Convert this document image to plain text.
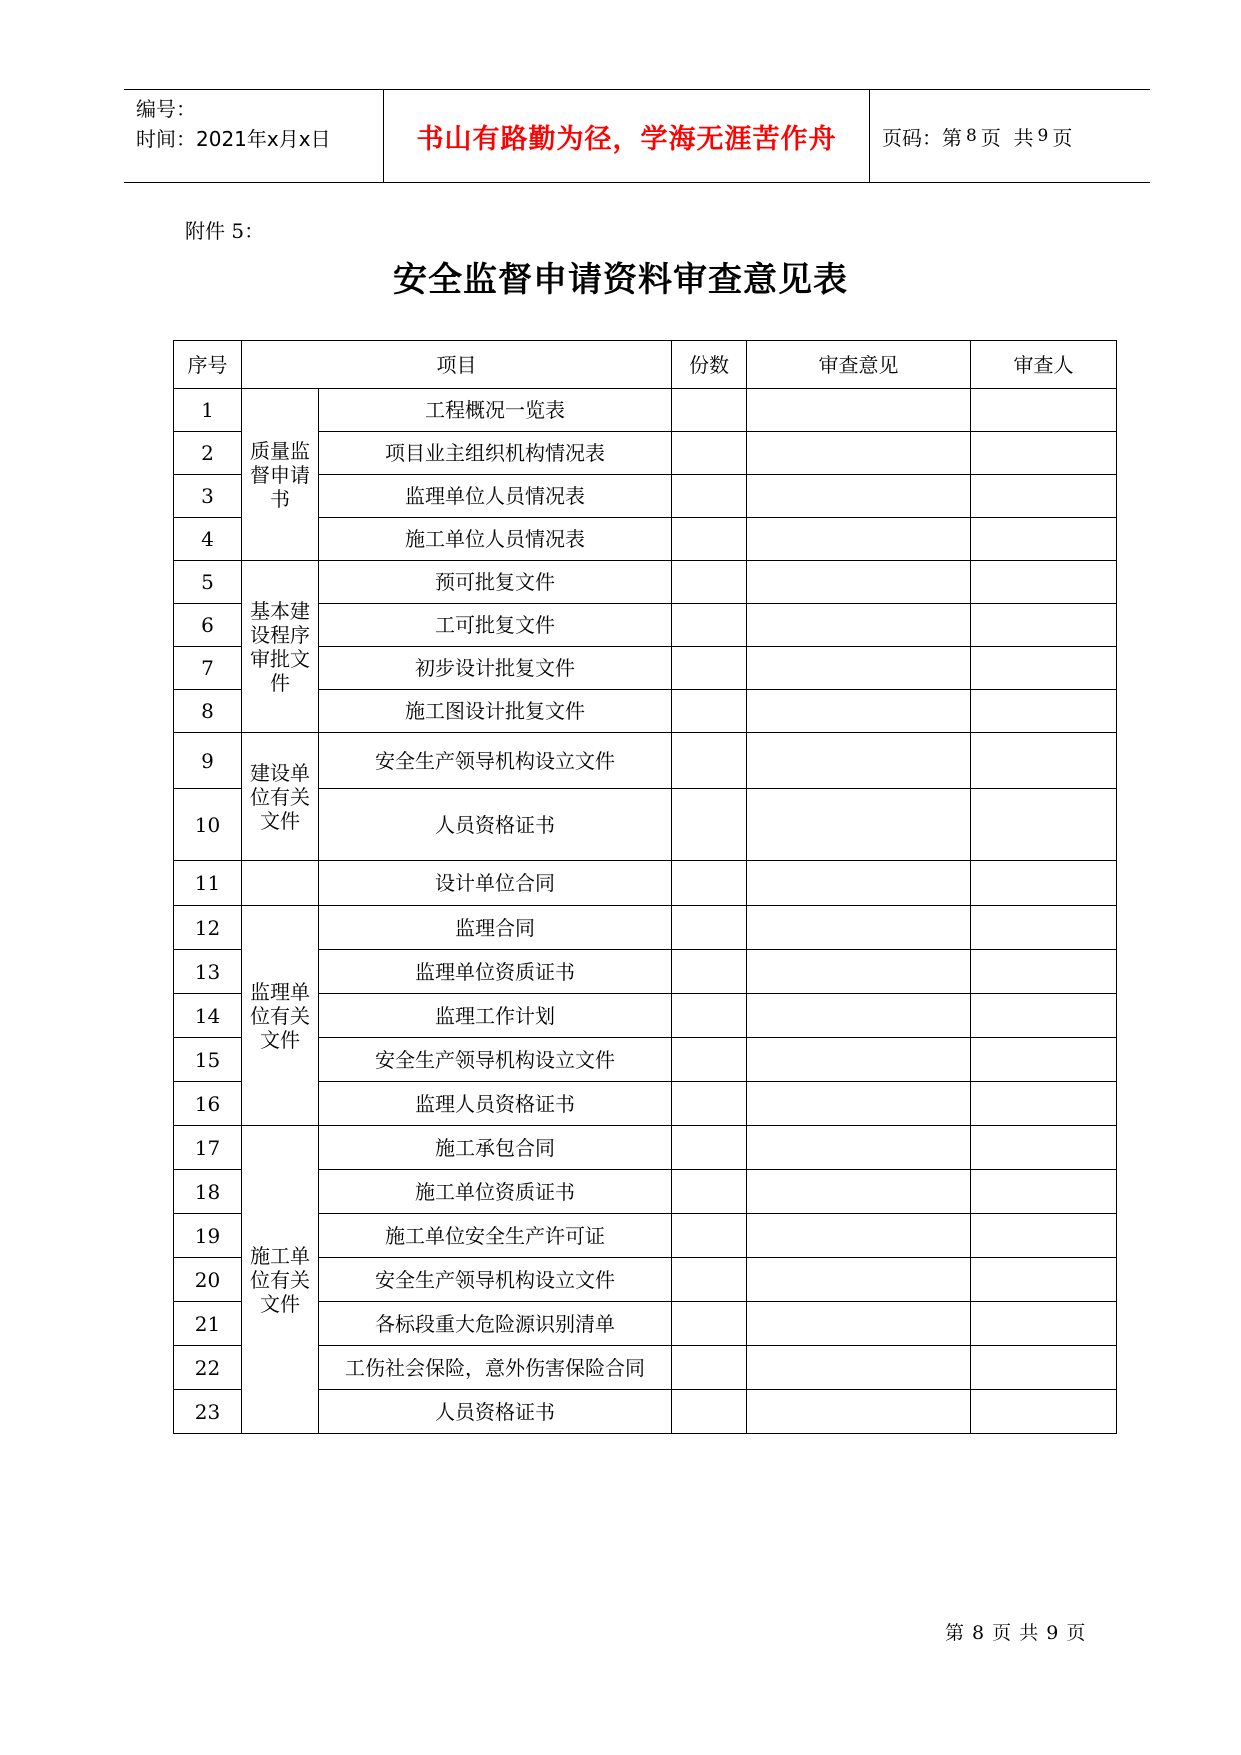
编号：
时间：2021年x月x日	书山有路勤为径，学海无涯苦作舟	页码：第 8 页  共 9 页
附件 5：
安全监督申请资料审查意见表
序号	项目		份数	审查意见	审查人
1	质量监督申请书	工程概况一览表			
2		项目业主组织机构情况表			
3		监理单位人员情况表			
4		施工单位人员情况表			
5	基本建设程序审批文件	预可批复文件			
6		工可批复文件			
7		初步设计批复文件			
8		施工图设计批复文件			
9	建设单位有关文件	安全生产领导机构设立文件			
10		人员资格证书			
11		设计单位合同			
12	监理单位有关文件	监理合同			
13		监理单位资质证书			
14		监理工作计划			
15		安全生产领导机构设立文件			
16		监理人员资格证书			
17	施工单位有关文件	施工承包合同			
18		施工单位资质证书			
19		施工单位安全生产许可证			
20		安全生产领导机构设立文件			
21		各标段重大危险源识别清单			
22		工伤社会保险，意外伤害保险合同			
23		人员资格证书			
第 8 页 共 9 页
